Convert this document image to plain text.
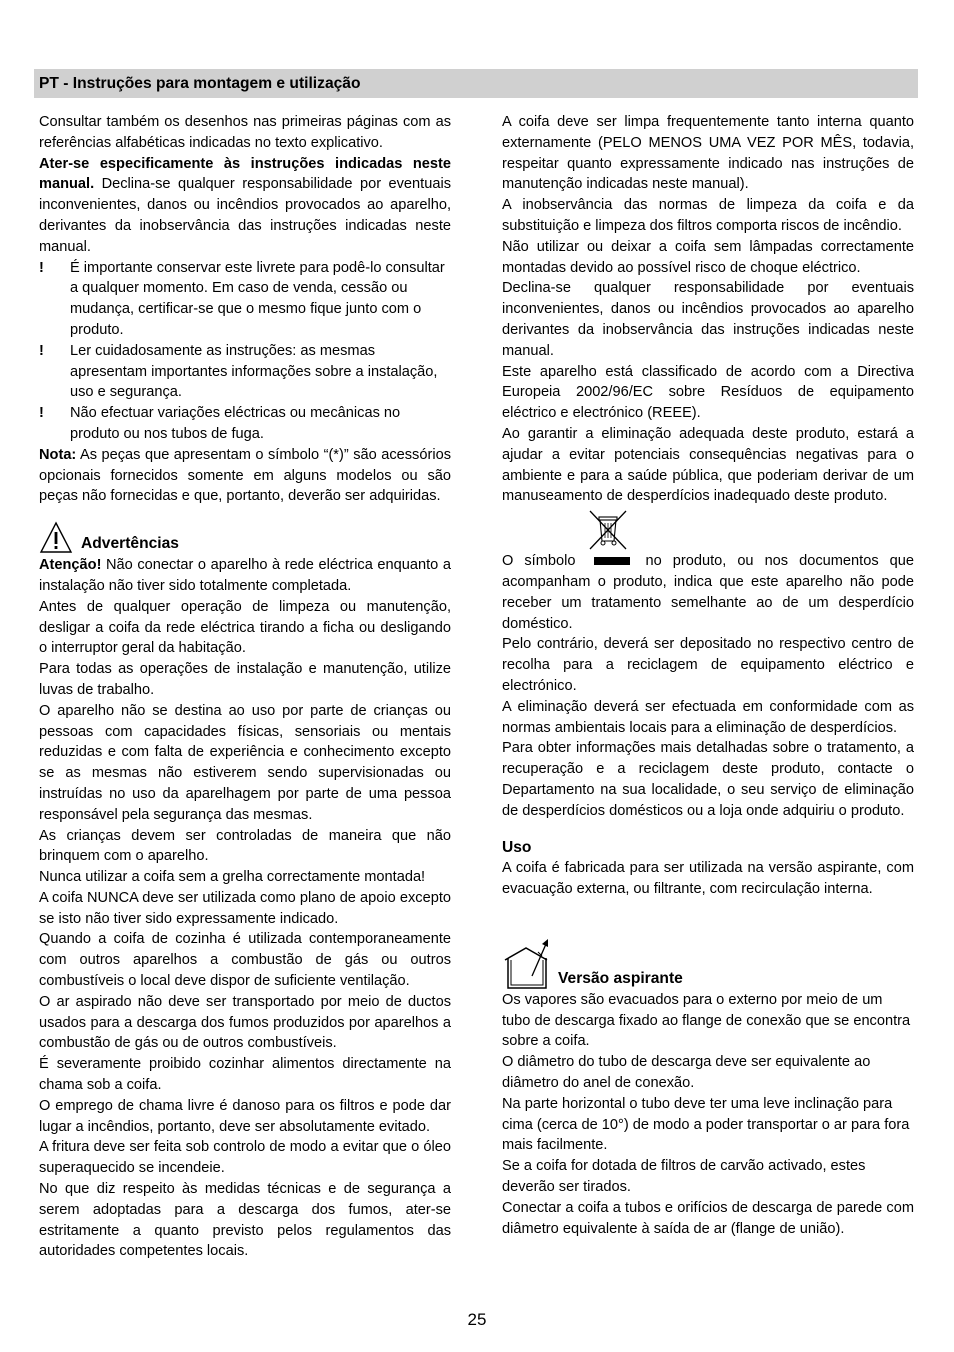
PT - Instruções para montagem e utilização

Consultar também os desenhos nas primeiras páginas com as referências alfabéticas indicadas no texto explicativo.

Ater-se especificamente às instruções indicadas neste manual. Declina-se qualquer responsabilidade por eventuais inconvenientes, danos ou incêndios provocados ao aparelho, derivantes da inobservância das instruções indicadas neste manual.

!	É importante conservar este livrete para podê-lo consultar a qualquer momento. Em caso de venda, cessão ou mudança, certificar-se que o mesmo fique junto com o produto.
!	Ler cuidadosamente as instruções: as mesmas apresentam importantes informações sobre a instalação, uso e segurança.
!	Não efectuar variações eléctricas ou mecânicas no produto ou nos tubos de fuga.

Nota: As peças que apresentam o símbolo “(*)” são acessórios opcionais fornecidos somente em alguns modelos ou são peças não fornecidas e que, portanto, deverão ser adquiridas.

Advertências

Atenção! Não conectar o aparelho à rede eléctrica enquanto a instalação não tiver sido totalmente completada.

Antes de qualquer operação de limpeza ou manutenção, desligar a coifa da rede eléctrica tirando a ficha ou desligando o interruptor geral da habitação.

Para todas as operações de instalação e manutenção, utilize luvas de trabalho.

O aparelho não se destina ao uso por parte de crianças ou pessoas com capacidades físicas, sensoriais ou mentais reduzidas e com falta de experiência e conhecimento excepto se as mesmas não estiverem sendo supervisionadas ou instruídas no uso da aparelhagem por parte de uma pessoa responsável pela segurança das mesmas.

As crianças devem ser controladas de maneira que não brinquem com o aparelho.

Nunca utilizar a coifa sem a grelha correctamente montada!

A coifa NUNCA deve ser utilizada como plano de apoio excepto se isto não tiver sido expressamente indicado.

Quando a coifa de cozinha é utilizada contemporaneamente com outros aparelhos a combustão de gás ou outros combustíveis o local deve dispor de suficiente ventilação.

O ar aspirado não deve ser transportado por meio de ductos usados para a descarga dos fumos produzidos por aparelhos a combustão de gás ou de outros combustíveis.

É severamente proibido cozinhar alimentos directamente na chama sob a coifa.

O emprego de chama livre é danoso para os filtros e pode dar lugar a incêndios, portanto, deve ser absolutamente evitado.

A fritura deve ser feita sob controlo de modo a evitar que o óleo superaquecido se incendeie.

No que diz respeito às medidas técnicas e de segurança a serem adoptadas para a descarga dos fumos, ater-se estritamente a quanto previsto pelos regulamentos das autoridades competentes locais.

A coifa deve ser limpa frequentemente tanto interna quanto externamente (PELO MENOS UMA VEZ POR MÊS, todavia, respeitar quanto expressamente indicado nas instruções de manutenção indicadas neste manual).

A inobservância das normas de limpeza da coifa e da substituição e limpeza dos filtros comporta riscos de incêndio.

Não utilizar ou deixar a coifa sem lâmpadas correctamente montadas devido ao possível risco de choque eléctrico.

Declina-se qualquer responsabilidade por eventuais inconvenientes, danos ou incêndios provocados ao aparelho derivantes da inobservância das instruções indicadas neste manual.

Este aparelho está classificado de acordo com a Directiva Europeia 2002/96/EC sobre Resíduos de equipamento eléctrico e electrónico (REEE).

Ao garantir a eliminação adequada deste produto, estará a ajudar a evitar potenciais consequências negativas para o ambiente e para a saúde pública, que poderiam derivar de um manuseamento de desperdícios inadequado deste produto.

O símbolo	no produto, ou nos documentos que acompanham o produto, indica que este aparelho não pode receber um tratamento semelhante ao de um desperdício doméstico.

Pelo contrário, deverá ser depositado no respectivo centro de recolha para a reciclagem de equipamento eléctrico e electrónico.

A eliminação deverá ser efectuada em conformidade com as normas ambientais locais para a eliminação de desperdícios.

Para obter informações mais detalhadas sobre o tratamento, a recuperação e a reciclagem deste produto, contacte o Departamento na sua localidade, o seu serviço de eliminação de desperdícios domésticos ou a loja onde adquiriu o produto.

Uso

A coifa é fabricada para ser utilizada na versão aspirante, com evacuação externa, ou filtrante, com recirculação interna.

Versão aspirante

Os vapores são evacuados para o externo por meio de um tubo de descarga fixado ao flange de conexão que se encontra sobre a coifa.

O diâmetro do tubo de descarga deve ser equivalente ao diâmetro do anel de conexão.

Na parte horizontal o tubo deve ter uma leve inclinação para cima (cerca de 10°) de modo a poder transportar o ar para fora mais facilmente.

Se a coifa for dotada de filtros de carvão activado, estes deverão ser tirados.

Conectar a coifa a tubos e orifícios de descarga de parede com diâmetro equivalente à saída de ar (flange de união).

25
